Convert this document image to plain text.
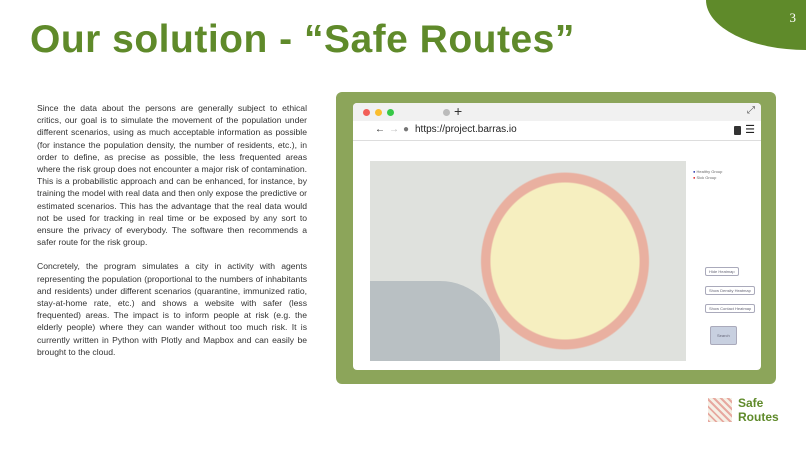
3
Our solution - “Safe Routes”

Since the data about the persons are generally subject to ethical critics, our goal is to simulate the movement of the population under different scenarios, using as much acceptable information as possible (for instance the population density, the number of residents, etc.), in order to define, as precise as possible, the less frequented areas where the risk group does not encounter a major risk of contamination. This is a probabilistic approach and can be enhanced, for instance, by training the model with real data and then only expose the predictive or estimated scenarios. This has the advantage that the real data would not be used for tracking in real time or be exposed by any sort to ensure the privacy of everybody. The software then recommends a safer route for the risk group.

Concretely, the program simulates a city in activity with agents representing the population (proportional to the numbers of inhabitants and residents) under different scenarios (quarantine, immunized ratio, stay-at-home rate, etc.) and shows a website with safer (less frequented) areas. The impact is to inform people at risk (e.g. the elderly people) where they can wander without too much risk. It is currently written in Python with Plotly and Mapbox and can easily be brought to the cloud.

+	⤢
← → ● https://project.barras.io	☰
● Healthy Group
● Sick Group
Hide Heatmap
Show Density Heatmap
Show Contact Heatmap
Search
Safe
Routes
